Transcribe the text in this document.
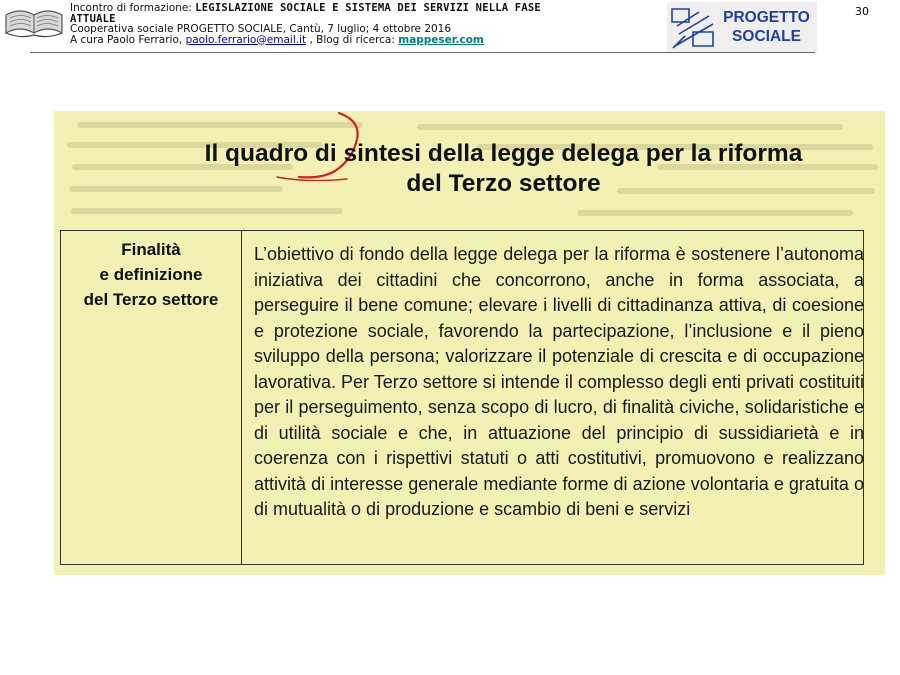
Incontro di formazione: LEGISLAZIONE SOCIALE E SISTEMA DEI SERVIZI NELLA FASE
ATTUALE
Cooperativa sociale PROGETTO SOCIALE, Cantù, 7 luglio; 4 ottobre 2016
A cura Paolo Ferrario, paolo.ferrario@email.it , Blog di ricerca: mappeser.com
PROGETTO
SOCIALE
30
Il quadro di sintesi della legge delega per la riforma
del Terzo settore
Finalità
e definizione
del Terzo settore
L’obiettivo di fondo della legge delega per la riforma è sostenere l’autonoma iniziativa dei cittadini che concorrono, anche in forma associata, a perseguire il bene comune; elevare i livelli di cittadinanza attiva, di coesione e protezione sociale, favorendo la partecipazione, l’inclusione e il pieno sviluppo della persona; valorizzare il potenziale di crescita e di occupazione lavorativa. Per Terzo settore si intende il complesso degli enti privati costituiti per il perseguimento, senza scopo di lucro, di finalità civiche, solidaristiche e di utilità sociale e che, in attuazione del principio di sussidiarietà e in coerenza con i rispettivi statuti o atti costitutivi, promuovono e realizzano attività di interesse generale mediante forme di azione volontaria e gratuita o di mutualità o di produzione e scambio di beni e servizi
